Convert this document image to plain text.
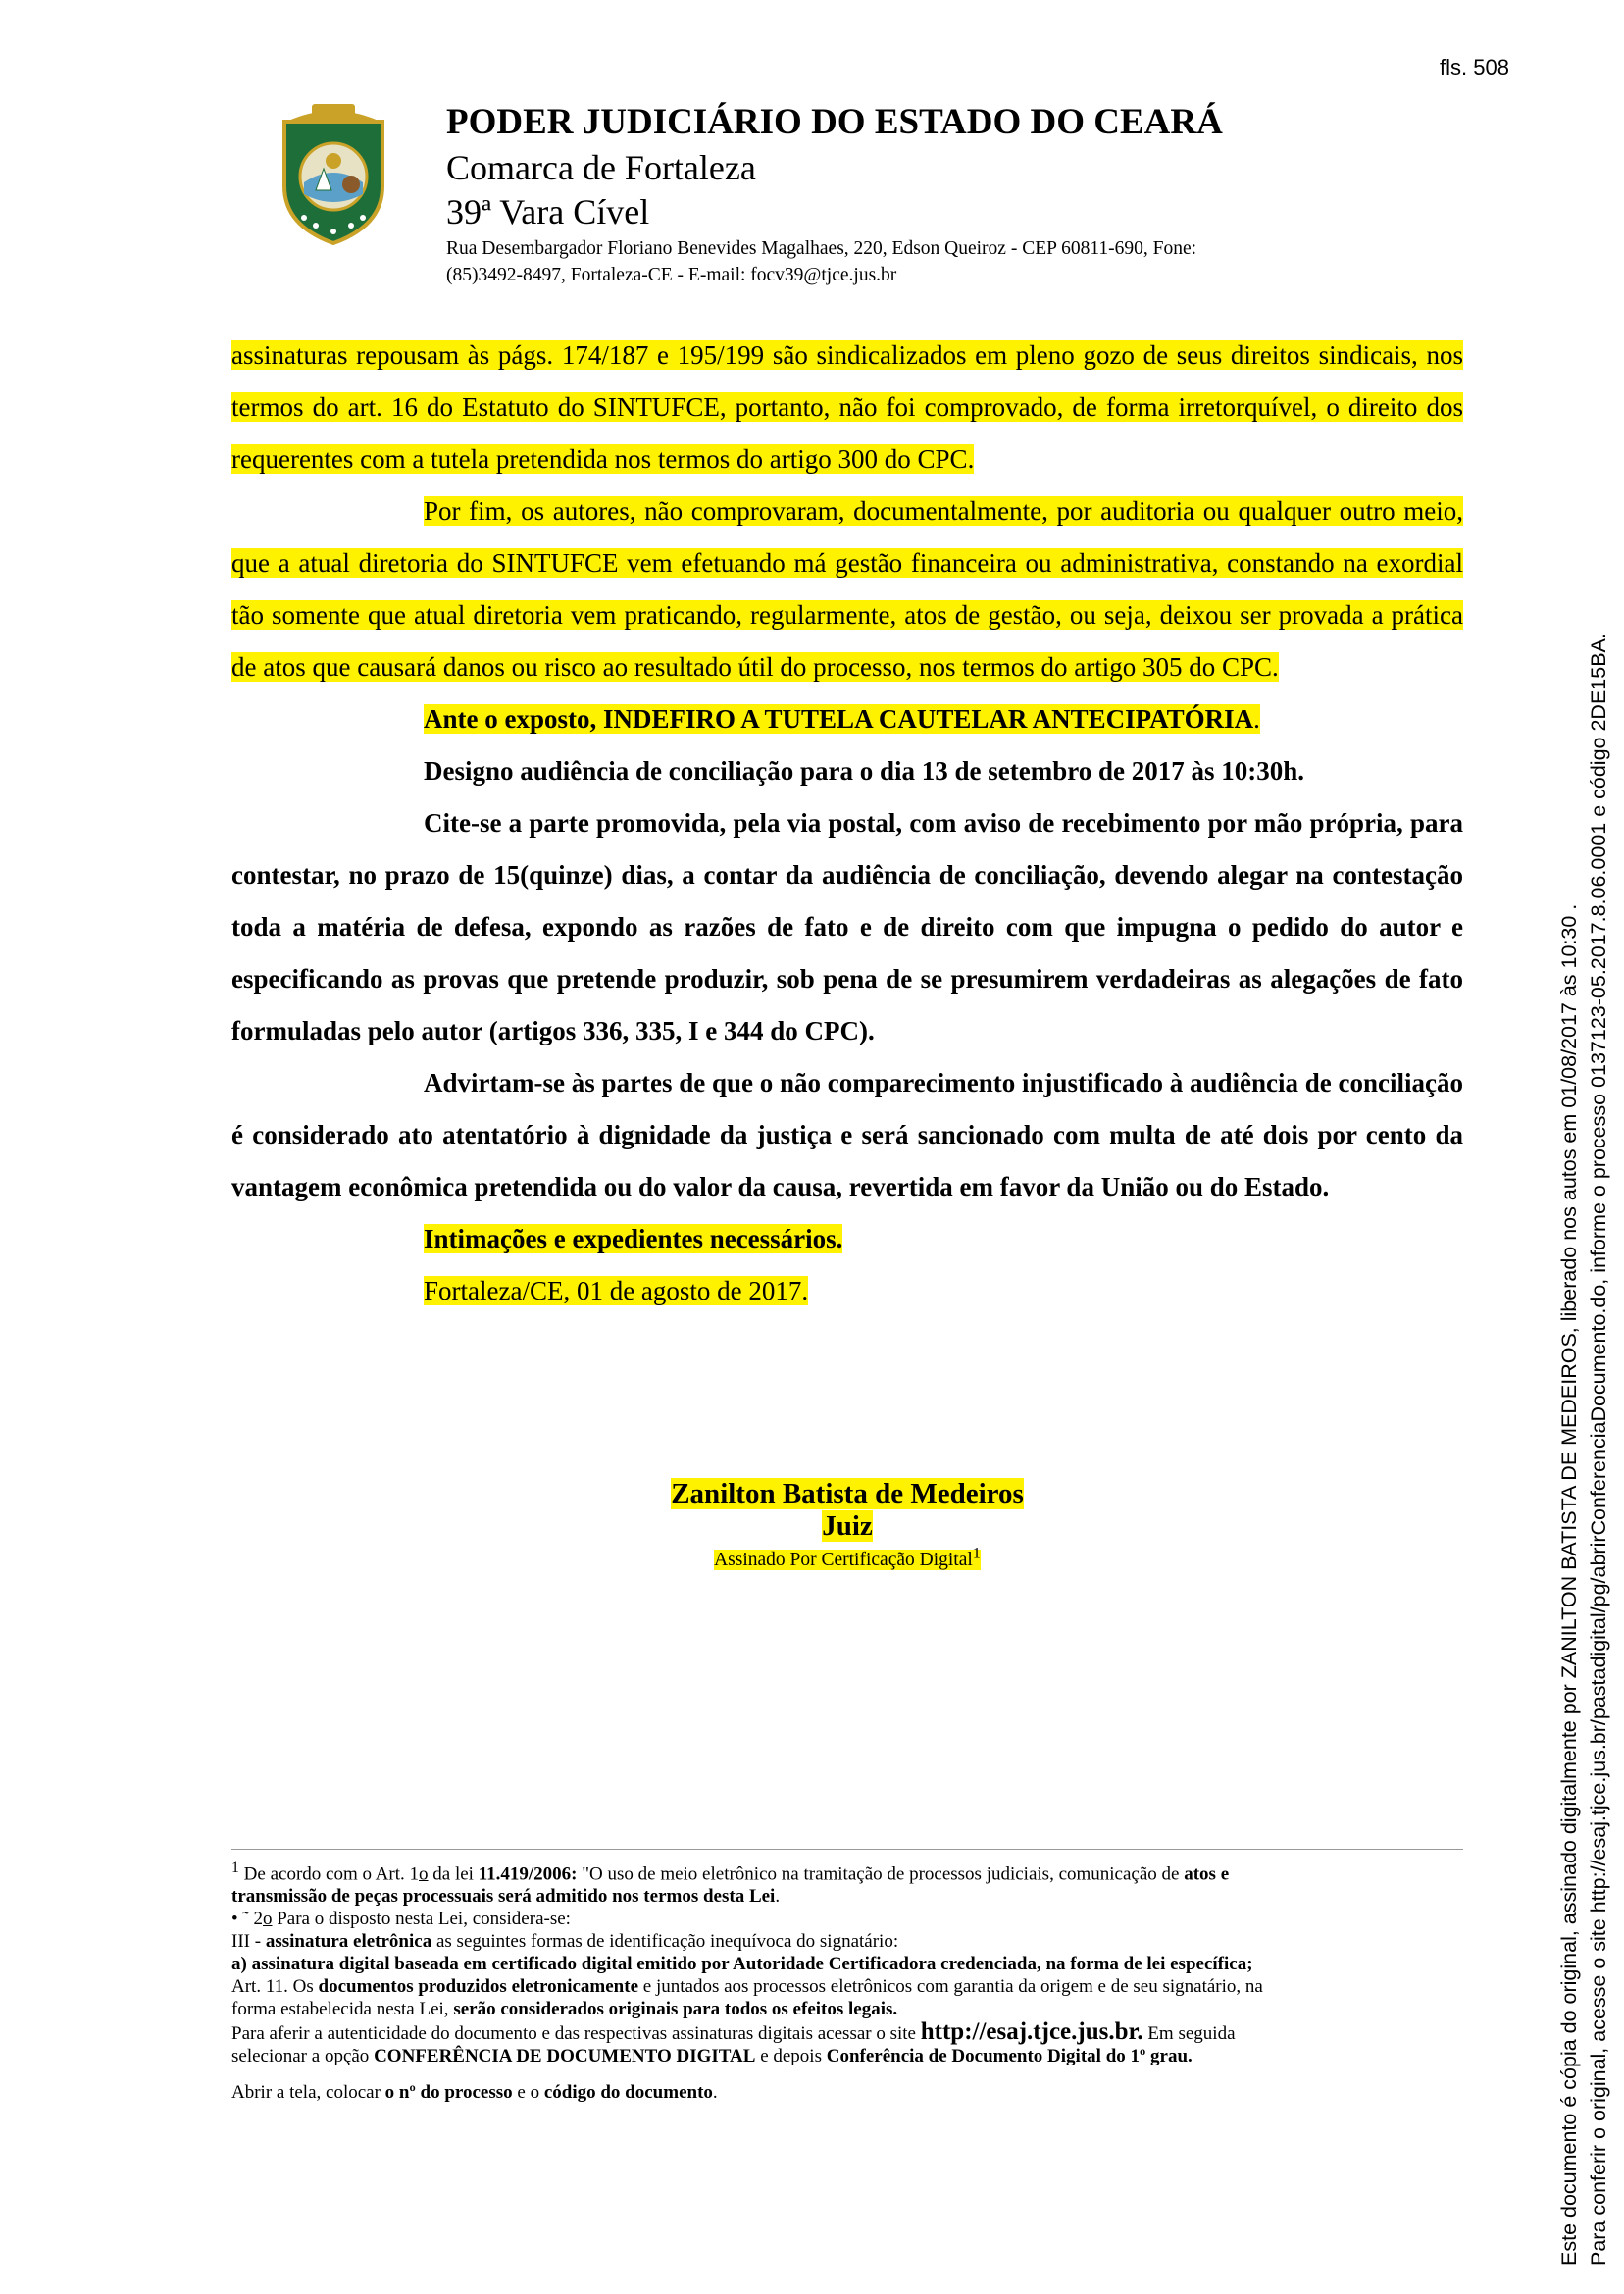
fls. 508
PODER JUDICIÁRIO DO ESTADO DO CEARÁ
Comarca de Fortaleza
39ª Vara Cível
Rua Desembargador Floriano Benevides Magalhaes, 220, Edson Queiroz - CEP 60811-690, Fone:
(85)3492-8497, Fortaleza-CE - E-mail: focv39@tjce.jus.br

assinaturas repousam às págs. 174/187 e 195/199 são sindicalizados em pleno gozo de seus direitos sindicais, nos termos do art. 16 do Estatuto do SINTUFCE, portanto, não foi comprovado, de forma irretorquível, o direito dos requerentes com a tutela pretendida nos termos do artigo 300 do CPC.

Por fim, os autores, não comprovaram, documentalmente, por auditoria ou qualquer outro meio, que a atual diretoria do SINTUFCE vem efetuando má gestão financeira ou administrativa, constando na exordial tão somente que atual diretoria vem praticando, regularmente, atos de gestão, ou seja, deixou ser provada a prática de atos que causará danos ou risco ao resultado útil do processo, nos termos do artigo 305 do CPC.

Ante o exposto, INDEFIRO A TUTELA CAUTELAR ANTECIPATÓRIA.

Designo audiência de conciliação para o dia 13 de setembro de 2017 às 10:30h.

Cite-se a parte promovida, pela via postal, com aviso de recebimento por mão própria, para contestar, no prazo de 15(quinze) dias, a contar da audiência de conciliação, devendo alegar na contestação toda a matéria de defesa, expondo as razões de fato e de direito com que impugna o pedido do autor e especificando as provas que pretende produzir, sob pena de se presumirem verdadeiras as alegações de fato formuladas pelo autor (artigos 336, 335, I e 344 do CPC).

Advirtam-se às partes de que o não comparecimento injustificado à audiência de conciliação é considerado ato atentatório à dignidade da justiça e será sancionado com multa de até dois por cento da vantagem econômica pretendida ou do valor da causa, revertida em favor da União ou do Estado.

Intimações e expedientes necessários.

Fortaleza/CE, 01 de agosto de 2017.

Zanilton Batista de Medeiros
Juiz
Assinado Por Certificação Digital$^1$

$^1$ De acordo com o Art. 1o da lei 11.419/2006: "O uso de meio eletrônico na tramitação de processos judiciais, comunicação de atos e

transmissão de peças processuais será admitido nos termos desta Lei.

• ˜ 2o Para o disposto nesta Lei, considera-se:

III - assinatura eletrônica as seguintes formas de identificação inequívoca do signatário:

a) assinatura digital baseada em certificado digital emitido por Autoridade Certificadora credenciada, na forma de lei específica;

Art. 11. Os documentos produzidos eletronicamente e juntados aos processos eletrônicos com garantia da origem e de seu signatário, na

forma estabelecida nesta Lei, serão considerados originais para todos os efeitos legais.

Para aferir a autenticidade do documento e das respectivas assinaturas digitais acessar o site http://esaj.tjce.jus.br. Em seguida

selecionar a opção CONFERÊNCIA DE DOCUMENTO DIGITAL e depois Conferência de Documento Digital do 1º grau.

Abrir a tela, colocar o nº do processo e o código do documento.	Este documento é cópia do original, assinado digitalmente por ZANILTON BATISTA DE MEDEIROS, liberado nos autos em 01/08/2017 às 10:30 . Para conferir o original, acesse o site http://esaj.tjce.jus.br/pastadigital/pg/abrirConferenciaDocumento.do, informe o processo 0137123-05.2017.8.06.0001 e código 2DE15BA.
